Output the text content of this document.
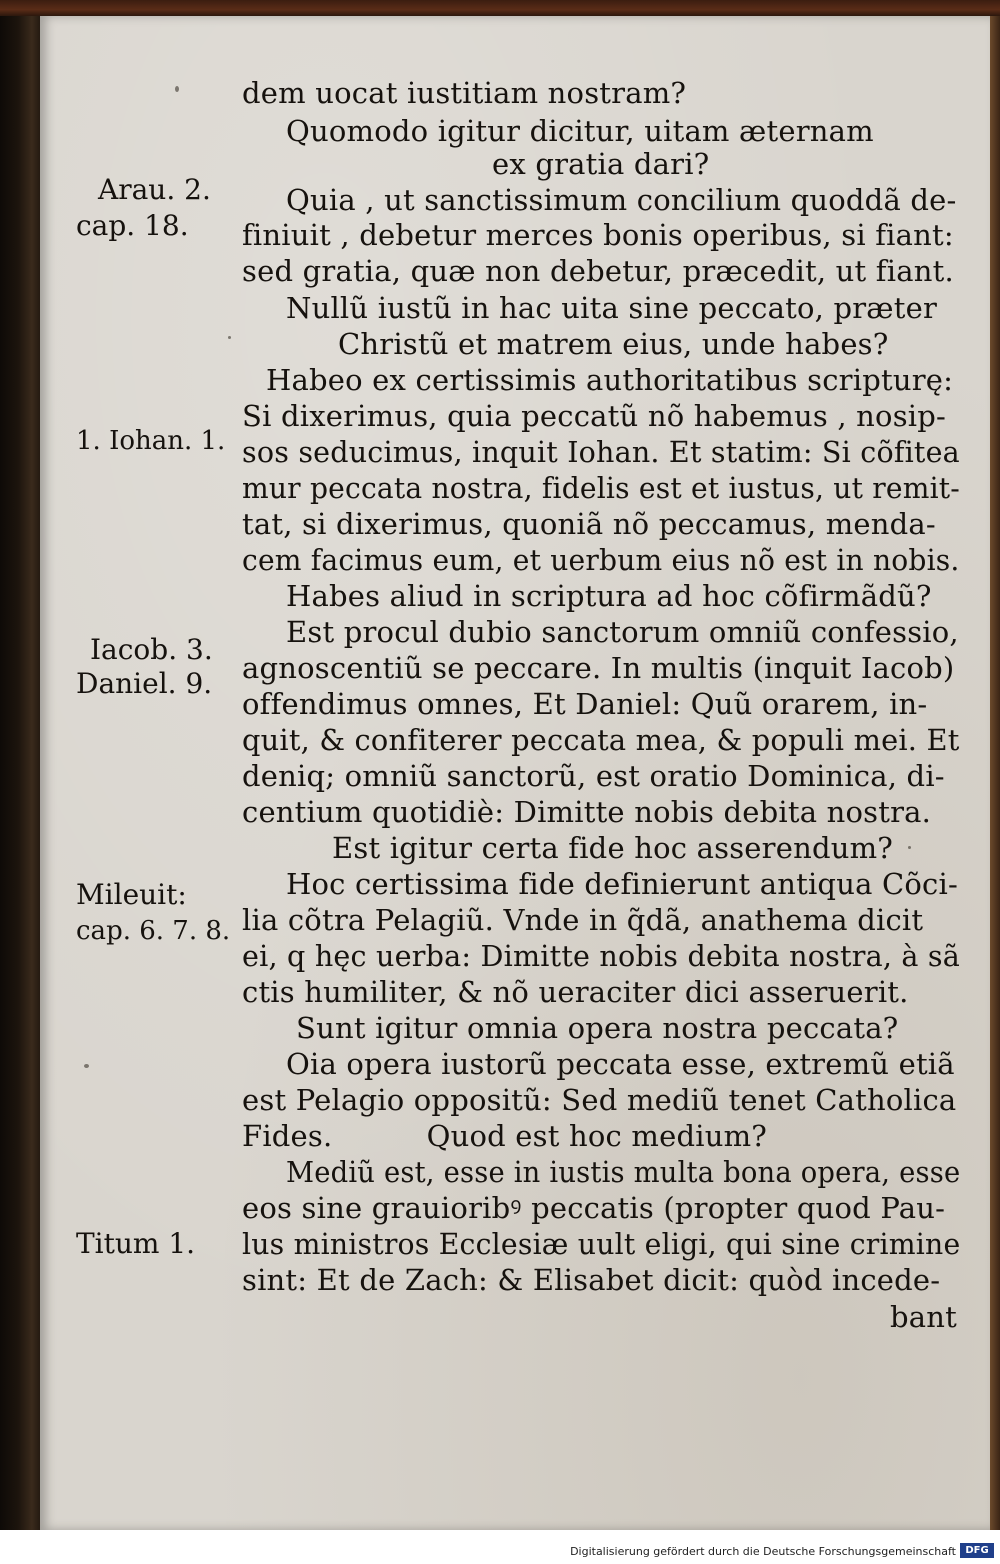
dem uocat iustitiam nostram?
Quomodo igitur dicitur, uitam æternam
ex gratia dari?
Quia , ut sanctissimum concilium quoddã de-
finiuit , debetur merces bonis operibus, si fiant:
sed gratia, quæ non debetur, præcedit, ut fiant.
Nullũ iustũ in hac uita sine peccato, præter
Christũ et matrem eius, unde habes?
Habeo ex certissimis authoritatibus scripturę:
Si dixerimus, quia peccatũ nõ habemus , nosip-
sos seducimus, inquit Iohan. Et statim: Si cõfitea
mur peccata nostra, fidelis est et iustus, ut remit-
tat, si dixerimus, quoniã nõ peccamus, menda-
cem facimus eum, et uerbum eius nõ est in nobis.
Habes aliud in scriptura ad hoc cõfirmãdũ?
Est procul dubio sanctorum omniũ confessio,
agnoscentiũ se peccare. In multis (inquit Iacob)
offendimus omnes, Et Daniel: Quũ orarem, in-
quit, & confiterer peccata mea, & populi mei. Et
deniq; omniũ sanctorũ, est oratio Dominica, di-
centium quotidiè: Dimitte nobis debita nostra.
Est igitur certa fide hoc asserendum?
Hoc certissima fide definierunt antiqua Cõci-
lia cõtra Pelagiũ. Vnde in q̃dã, anathema dicit
ei, q hęc uerba: Dimitte nobis debita nostra, à sã
ctis humiliter, & nõ ueraciter dici asseruerit.
Sunt igitur omnia opera nostra peccata?
Oia opera iustorũ peccata esse, extremũ etiã
est Pelagio oppositũ: Sed mediũ tenet Catholica
Fides.          Quod est hoc medium?
Mediũ est, esse in iustis multa bona opera, esse
eos sine grauioribꝰ peccatis (propter quod Pau-
lus ministros Ecclesiæ uult eligi, qui sine crimine
sint: Et de Zach: & Elisabet dicit: quòd incede-
bant
Arau. 2.
cap. 18.
1. Iohan. 1.
Iacob. 3.
Daniel. 9.
Mileuit:
cap. 6. 7. 8.
Titum 1.
Digitalisierung gefördert durch die Deutsche Forschungsgemeinschaft DFG
